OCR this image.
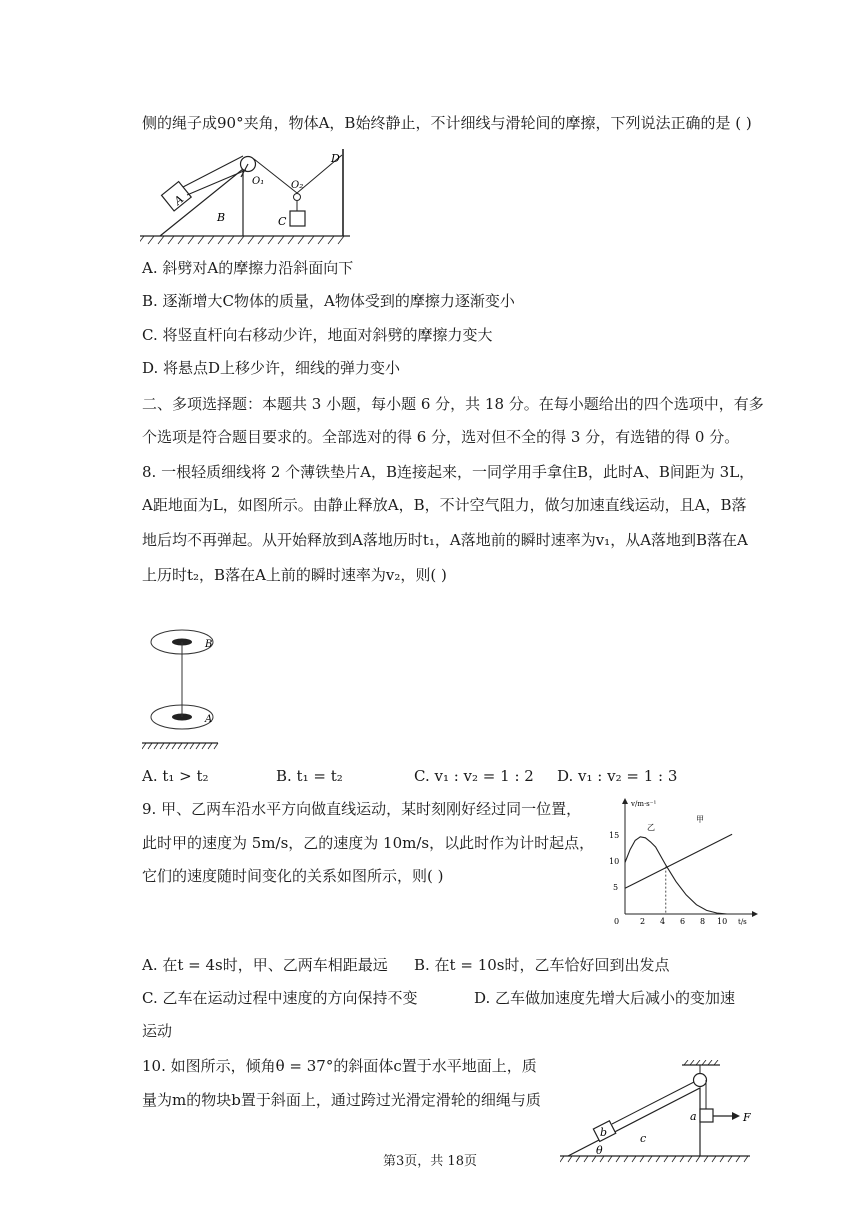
侧的绳子成90°夹角，物体A，B始终静止，不计细线与滑轮间的摩擦，下列说法正确的是 ( )
A
B	C
D
O₁	O₂
A. 斜劈对A的摩擦力沿斜面向下
B. 逐渐增大C物体的质量，A物体受到的摩擦力逐渐变小
C. 将竖直杆向右移动少许，地面对斜劈的摩擦力变大
D. 将悬点D上移少许，细线的弹力变小
二、多项选择题：本题共 3 小题，每小题 6 分，共 18 分。在每小题给出的四个选项中，有多
个选项是符合题目要求的。全部选对的得 6 分，选对但不全的得 3 分，有选错的得 0 分。
8. 一根轻质细线将 2 个薄铁垫片A，B连接起来，一同学用手拿住B，此时A、B间距为 3L，
A距地面为L，如图所示。由静止释放A，B，不计空气阻力，做匀加速直线运动，且A，B落
地后均不再弹起。从开始释放到A落地历时t₁，A落地前的瞬时速率为v₁，从A落地到B落在A
上历时t₂，B落在A上前的瞬时速率为v₂，则( )
B
A
A. t₁ > t₂	B. t₁ = t₂	C. v₁ : v₂ = 1 : 2 D. v₁ : v₂ = 1 : 3
9. 甲、乙两车沿水平方向做直线运动，某时刻刚好经过同一位置，
此时甲的速度为 5m/s，乙的速度为 10m/s，以此时作为计时起点，
它们的速度随时间变化的关系如图所示，则( )
v/m·s⁻¹
t/s
0	2 4 6 8 10
5
10
15
甲
乙
A. 在t = 4s时，甲、乙两车相距最远 B. 在t = 10s时，乙车恰好回到出发点
C. 乙车在运动过程中速度的方向保持不变	D. 乙车做加速度先增大后减小的变加速
运动
10. 如图所示，倾角θ = 37°的斜面体c置于水平地面上，质
量为m的物块b置于斜面上，通过跨过光滑定滑轮的细绳与质
b	c
a	F
θ
第3页，共 18页
